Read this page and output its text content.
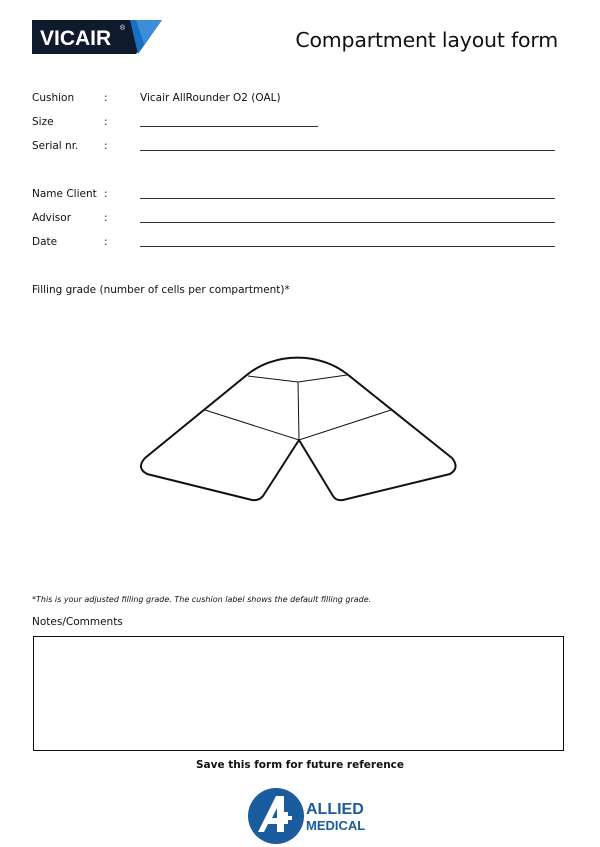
VICAIR ®	Compartment layout form
Cushion	:	Vicair AllRounder O2 (OAL)
Size	:
Serial nr. :
Name Client :
Advisor	:
Date	:
Filling grade (number of cells per compartment)*
*This is your adjusted filling grade. The cushion label shows the default filling grade.
Notes/Comments
Save this form for future reference
ALLIED
MEDICAL
